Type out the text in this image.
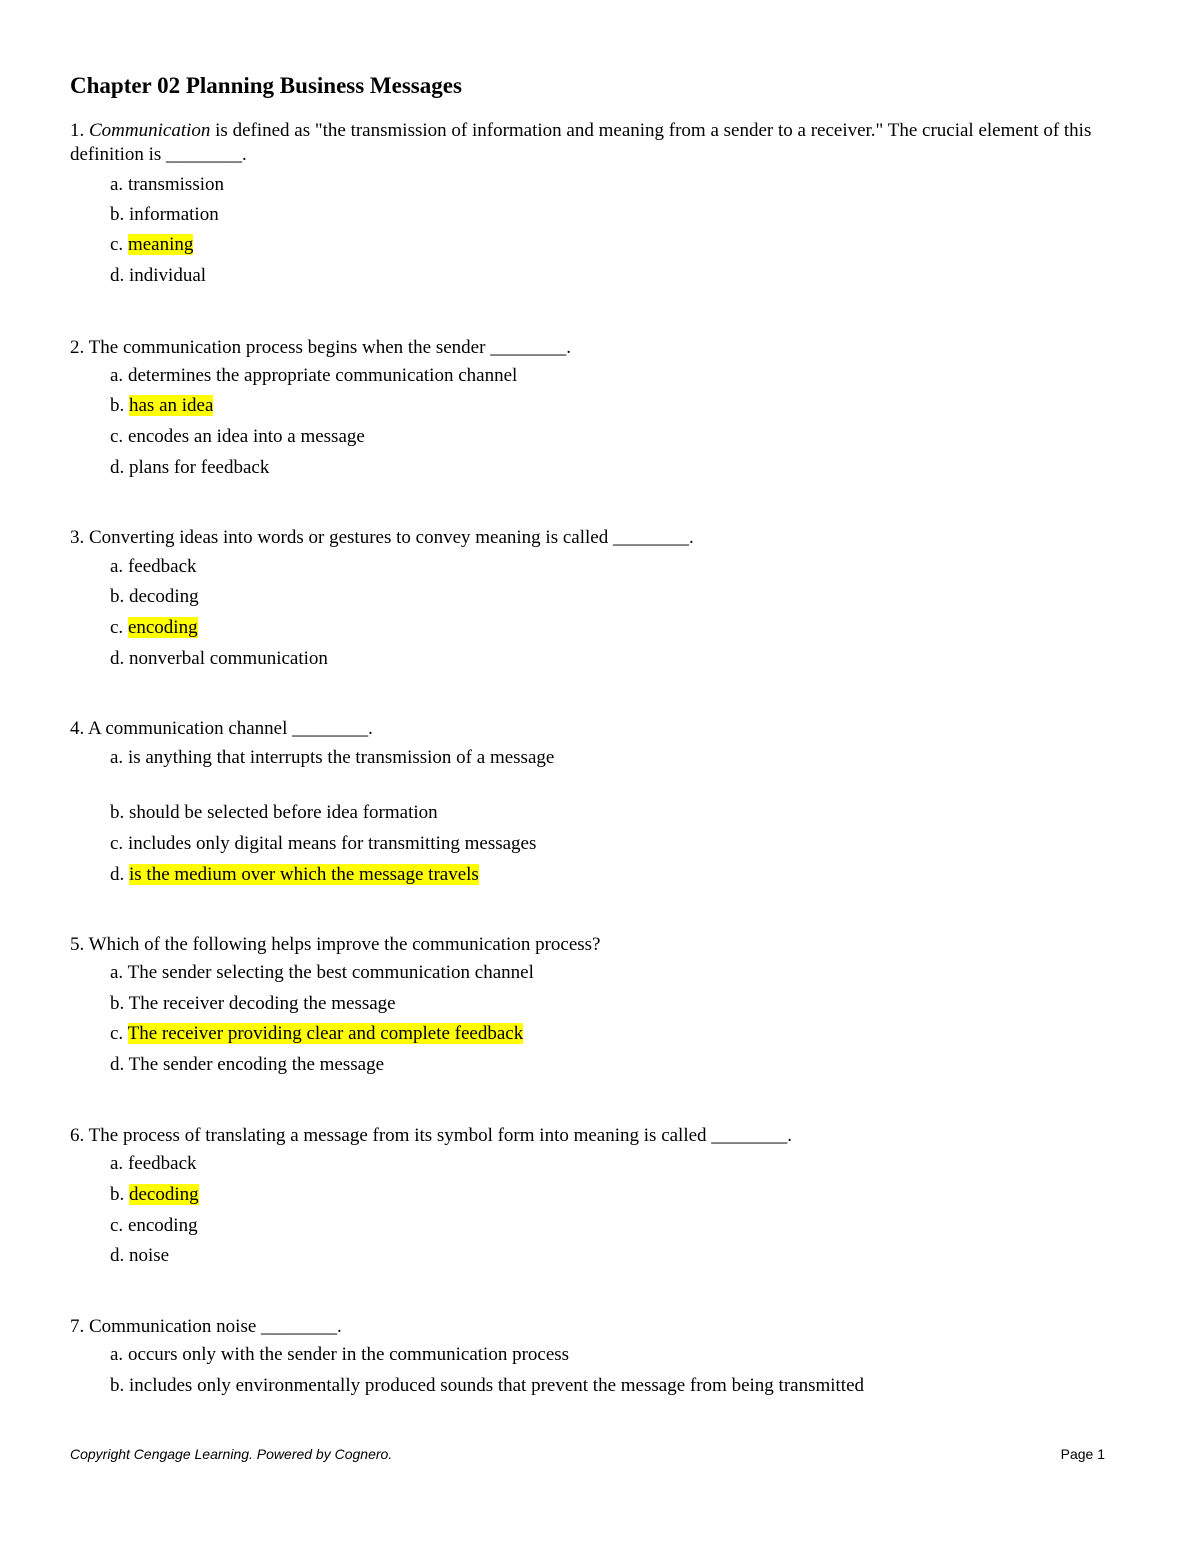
Chapter 02 Planning Business Messages
1. Communication is defined as "the transmission of information and meaning from a sender to a receiver." The crucial element of this definition is ________.
a. transmission
b. information
c. meaning
d. individual
2. The communication process begins when the sender ________.
a. determines the appropriate communication channel
b. has an idea
c. encodes an idea into a message
d. plans for feedback
3. Converting ideas into words or gestures to convey meaning is called ________.
a. feedback
b. decoding
c. encoding
d. nonverbal communication
4. A communication channel ________.
a. is anything that interrupts the transmission of a message
b. should be selected before idea formation
c. includes only digital means for transmitting messages
d. is the medium over which the message travels
5. Which of the following helps improve the communication process?
a. The sender selecting the best communication channel
b. The receiver decoding the message
c. The receiver providing clear and complete feedback
d. The sender encoding the message
6. The process of translating a message from its symbol form into meaning is called ________.
a. feedback
b. decoding
c. encoding
d. noise
7. Communication noise ________.
a. occurs only with the sender in the communication process
b. includes only environmentally produced sounds that prevent the message from being transmitted
Copyright Cengage Learning. Powered by Cognero.	Page 1
